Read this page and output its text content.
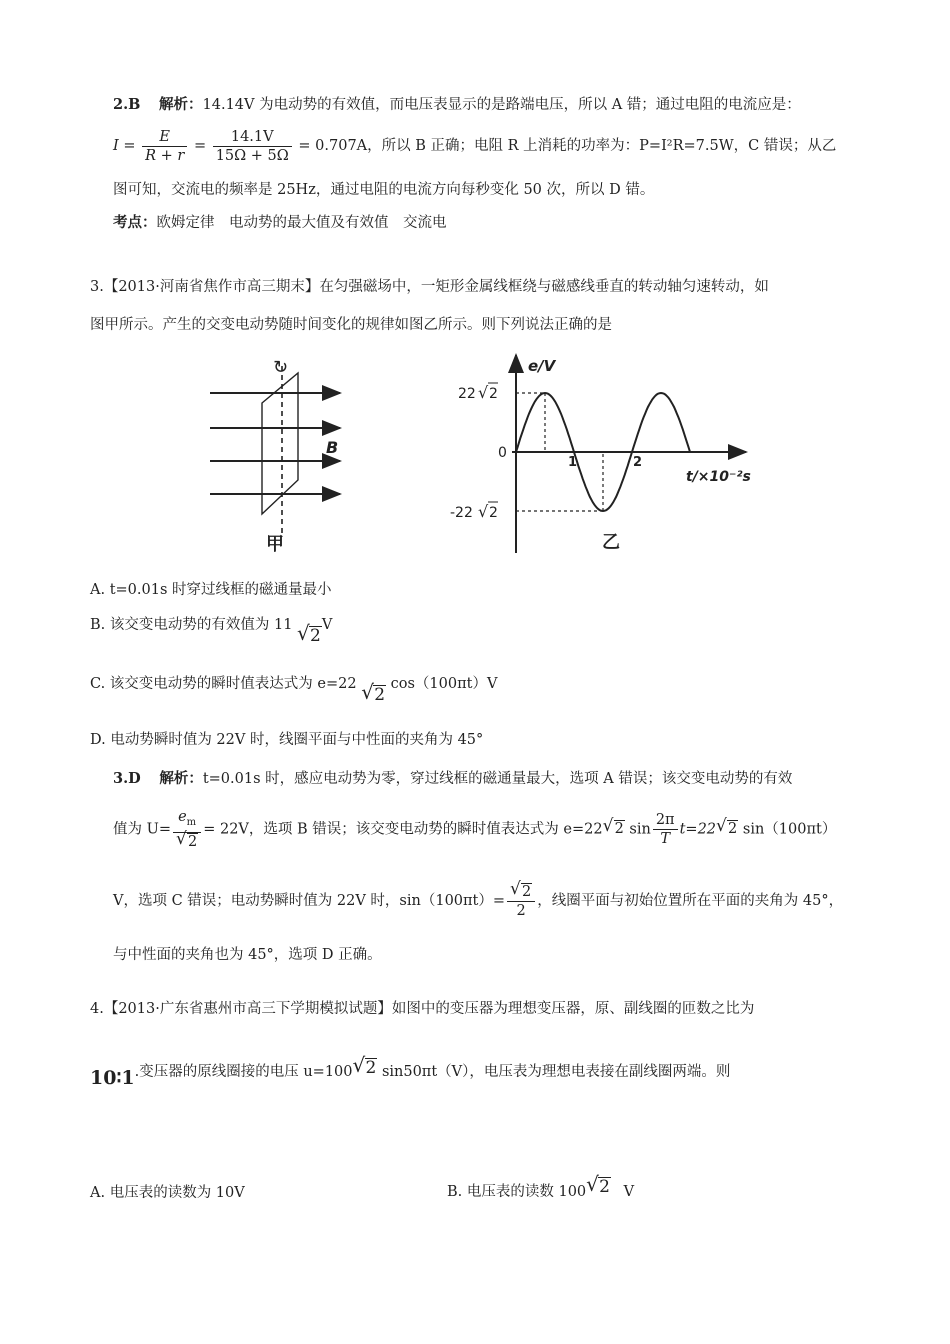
2.B 解析：14.14V 为电动势的有效值，而电压表显示的是路端电压，所以 A 错；通过电阻的电流应是：
$I = \frac{E}{R + r} = \frac{14.1V}{15\Omega + 5\Omega} = 0.707A$，所以 B 正确；电阻 R 上消耗的功率为：P=I²R=7.5W，C 错误；从乙
图可知，交流电的频率是 25Hz，通过电阻的电流方向每秒变化 50 次，所以 D 错。
考点：欧姆定律　电动势的最大值及有效值　交流电
3.【2013·河南省焦作市高三期末】在匀强磁场中，一矩形金属线框绕与磁感线垂直的转动轴匀速转动，如
图甲所示。产生的交变电动势随时间变化的规律如图乙所示。则下列说法正确的是
↻
B
甲
e/V
t/×10⁻²s
0
22 √ 2
-22 √ 2
1	2
乙
A. t=0.01s 时穿过线框的磁通量最小
B. 该交变电动势的有效值为 11 √ 2V
C. 该交变电动势的瞬时值表达式为 e=22 √ 2 cos（100πt）V
D. 电动势瞬时值为 22V 时，线圈平面与中性面的夹角为 45°
3.D 解析：t=0.01s 时，感应电动势为零，穿过线框的磁通量最大，选项 A 错误；该交变电动势的有效
值为 $U= \frac{e_m}{√ 2} = 22V$，选项 B 错误；该交变电动势的瞬时值表达式为 e=22 √ 2 $\sin \frac{2\pi}{T} t=22$ √ 2 sin（100πt）
V，选项 C 错误；电动势瞬时值为 22V 时，$\sin(100\pi t)= \frac{√ 2}{2}$ ，线圈平面与初始位置所在平面的夹角为 45°，
与中性面的夹角也为 45°，选项 D 正确。
4.【2013·广东省惠州市高三下学期模拟试题】如图中的变压器为理想变压器，原、副线圈的匝数之比为
10∶1.变压器的原线圈接的电压 u=100 √ 2 sin50πt（V），电压表为理想电表接在副线圈两端。则
A. 电压表的读数为 10V	B. 电压表的读数 100 √ 2 V
